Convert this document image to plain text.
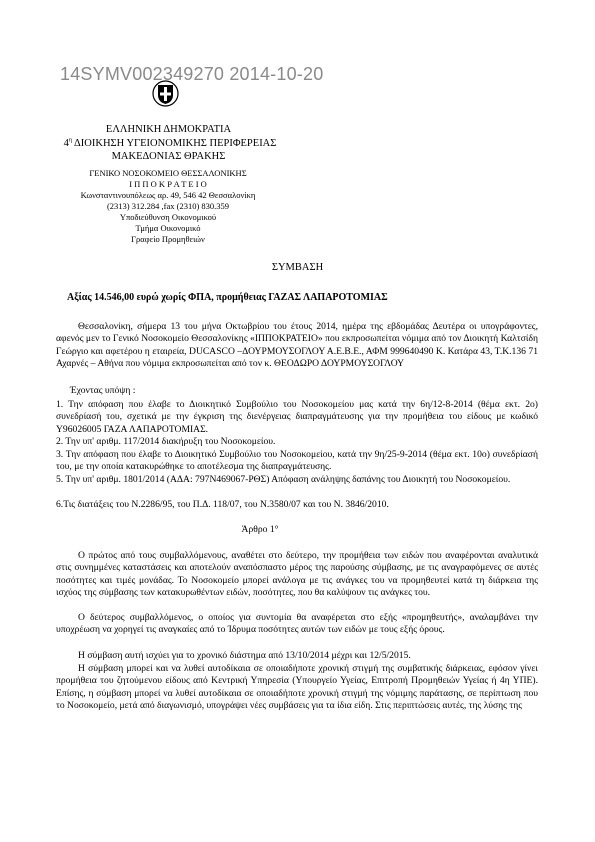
14SYMV002349270 2014-10-20
ΕΛΛΗΝΙΚΗ ΔΗΜΟΚΡΑΤΙΑ
$4^\eta$ ΔΙΟΙΚΗΣΗ ΥΓΕΙΟΝΟΜΙΚΗΣ ΠΕΡΙΦΕΡΕΙΑΣ
ΜΑΚΕΔΟΝΙΑΣ ΘΡΑΚΗΣ
ΓΕΝΙΚΟ ΝΟΣΟΚΟΜΕΙΟ ΘΕΣΣΑΛΟΝΙΚΗΣ
Ι Π Π Ο Κ Ρ Α Τ Ε Ι Ο
Κωνσταντινουπόλεως αρ. 49, 546 42 Θεσσαλονίκη
(2313) 312.284 ,fax (2310) 830.359
Υποδιεύθυνση Οικονομικού
Τμήμα Οικονομικό
Γραφείο Προμηθειών
ΣΥΜΒΑΣΗ
Αξίας 14.546,00 ευρώ χωρίς ΦΠΑ, προμήθειας ΓΑΖΑΣ ΛΑΠΑΡΟΤΟΜΙΑΣ

Θεσσαλονίκη, σήμερα 13 του μήνα Οκτωβρίου του έτους 2014, ημέρα της εβδομάδας Δευτέρα οι υπογράφοντες, αφενός μεν το Γενικό Νοσοκομείο Θεσσαλονίκης «ΙΠΠΟΚΡΑΤΕΙΟ» που εκπροσωπείται νόμιμα από τον Διοικητή Καλτσίδη Γεώργιο και αφετέρου η εταιρεία, DUCASCO –ΔΟΥΡΜΟΥΣΟΓΛΟΥ Α.Ε.Β.Ε., ΑΦΜ 999640490 Κ. Κατάρα 43, Τ.Κ.136 71 Αχαρνές – Αθήνα που νόμιμα εκπροσωπείται από τον κ. ΘΕΟΔΩΡΟ ΔΟΥΡΜΟΥΣΟΓΛΟΥ

Έχοντας υπόψη :

1. Την απόφαση που έλαβε το Διοικητικό Συμβούλιο του Νοσοκομείου μας κατά την 6η/12-8-2014 (θέμα εκτ. 2ο) συνεδρίασή του, σχετικά με την έγκριση της διενέργειας διαπραγμάτευσης για την προμήθεια του είδους με κωδικό Υ96026005 ΓΑΖΑ ΛΑΠΑΡΟΤΟΜΙΑΣ.

2. Την υπ' αριθμ. 117/2014 διακήρυξη του Νοσοκομείου.

3. Την απόφαση που έλαβε το Διοικητικό Συμβούλιο του Νοσοκομείου, κατά την 9η/25-9-2014 (θέμα εκτ. 10ο) συνεδρίασή του, με την οποία κατακυρώθηκε το αποτέλεσμα της διαπραγμάτευσης.

5. Την υπ' αριθμ. 1801/2014 (ΑΔΑ: 797Ν469067-ΡΘΣ) Απόφαση ανάληψης δαπάνης του Διοικητή του Νοσοκομείου.

6.Τις διατάξεις του Ν.2286/95, του Π.Δ. 118/07, του Ν.3580/07 και του Ν. 3846/2010.

Άρθρο 1°

Ο πρώτος από τους συμβαλλόμενους, αναθέτει στο δεύτερο, την προμήθεια των ειδών που αναφέρονται αναλυτικά στις συνημμένες καταστάσεις και αποτελούν αναπόσπαστο μέρος της παρούσης σύμβασης, με τις αναγραφόμενες σε αυτές ποσότητες και τιμές μονάδας. Το Νοσοκομείο μπορεί ανάλογα με τις ανάγκες του να προμηθευτεί κατά τη διάρκεια της ισχύος της σύμβασης των κατακυρωθέντων ειδών, ποσότητες, που θα καλύψουν τις ανάγκες του.

Ο δεύτερος συμβαλλόμενος, ο οποίος για συντομία θα αναφέρεται στο εξής «προμηθευτής», αναλαμβάνει την υποχρέωση να χορηγεί τις αναγκαίες από το Ίδρυμα ποσότητες αυτών των ειδών με τους εξής όρους.

Η σύμβαση αυτή ισχύει για το χρονικό διάστημα από 13/10/2014 μέχρι και 12/5/2015.

Η σύμβαση μπορεί και να λυθεί αυτοδίκαια σε οποιαδήποτε χρονική στιγμή της συμβατικής διάρκειας, εφόσον γίνει προμήθεια του ζητούμενου είδους από Κεντρική Υπηρεσία (Υπουργείο Υγείας, Επιτροπή Προμηθειών Υγείας ή 4η ΥΠΕ). Επίσης, η σύμβαση μπορεί να λυθεί αυτοδίκαια σε οποιαδήποτε χρονική στιγμή της νόμιμης παράτασης, σε περίπτωση που το Νοσοκομείο, μετά από διαγωνισμό, υπογράψει νέες συμβάσεις για τα ίδια είδη. Στις περιπτώσεις αυτές, της λύσης της
